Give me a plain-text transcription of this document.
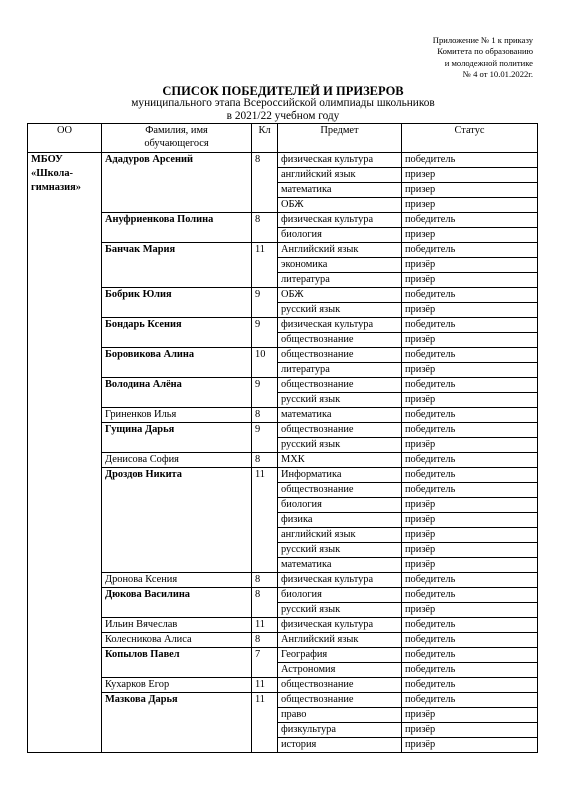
Приложение № 1 к приказу
Комитета по образованию
и молодежной политике
№ 4 от 10.01.2022г.
СПИСОК ПОБЕДИТЕЛЕЙ И ПРИЗЕРОВ
муниципального этапа Всероссийской олимпиады школьников
в 2021/22 учебном году
ОО	Фамилия, имя
обучающегося	Кл	Предмет	Статус

МБОУ
«Школа-
гимназия»	Ададуров Арсений	8	физическая культура	победитель
			английский язык	призер
			математика	призер
			ОБЖ	призер
	Ануфриенкова Полина	8	физическая культура	победитель
			биология	призер
	Банчак Мария	11	Английский язык	победитель
			экономика	призёр
			литература	призёр
	Бобрик Юлия	9	ОБЖ	победитель
			русский язык	призёр
	Бондарь Ксения	9	физическая культура	победитель
			обществознание	призёр
	Боровикова Алина	10	обществознание	победитель
			литература	призёр
	Володина Алёна	9	обществознание	победитель
			русский язык	призёр
	Гриненков Илья	8	математика	победитель
	Гущина Дарья	9	обществознание	победитель
			русский язык	призёр
	Денисова София	8	МХК	победитель
	Дроздов Никита	11	Информатика	победитель
			обществознание	победитель
			биология	призёр
			физика	призёр
			английский язык	призёр
			русский язык	призёр
			математика	призёр
	Дронова Ксения	8	физическая культура	победитель
	Дюкова Василина	8	биология	победитель
			русский язык	призёр
	Ильин Вячеслав	11	физическая культура	победитель
	Колесникова Алиса	8	Английский язык	победитель
	Копылов Павел	7	География	победитель
			Астрономия	победитель
	Кухарков Егор	11	обществознание	победитель
	Мазкова Дарья	11	обществознание	победитель
			право	призёр
			физкультура	призёр
			история	призёр
